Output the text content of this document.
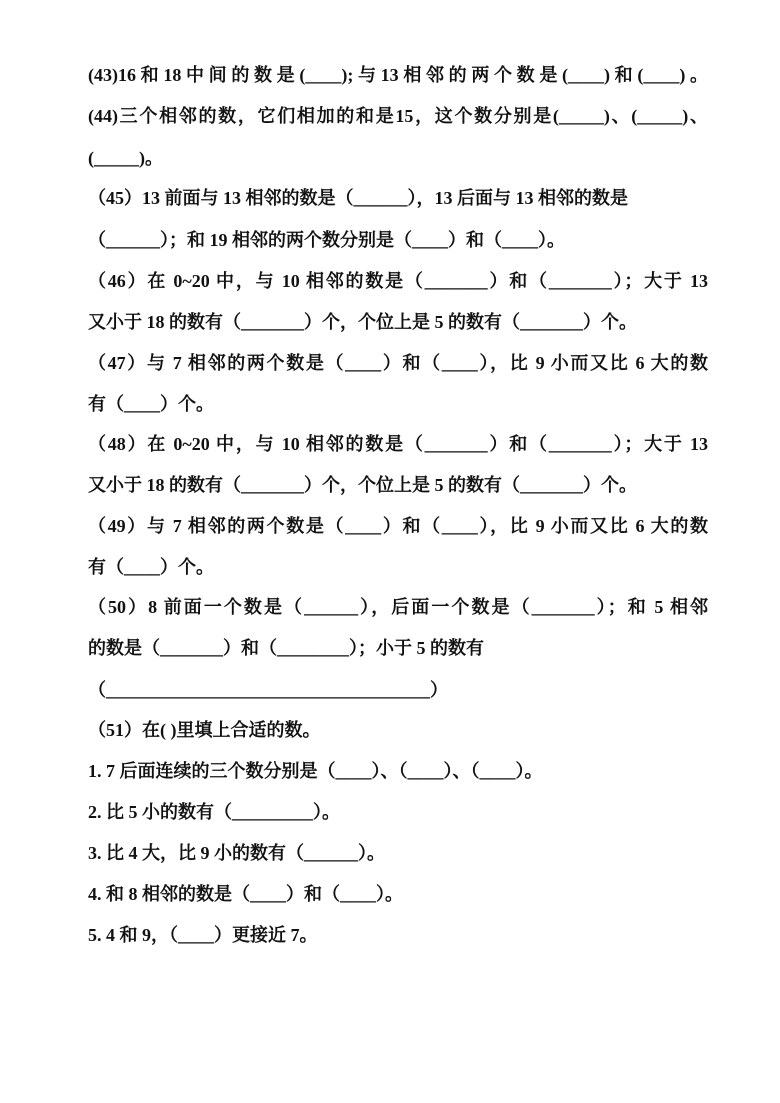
(43)16和18中间的数是(____);与13相邻的两个数是(____)和(____)。
(44)三个相邻的数，它们相加的和是15，这个数分别是(_____)、(_____)、
(_____)。
（45）13 前面与 13 相邻的数是（______），13 后面与 13 相邻的数是
（______）；和 19 相邻的两个数分别是（____）和（____）。
（46）在 0~20 中，与 10 相邻的数是（_______）和（_______）；大于 13
又小于 18 的数有（_______）个，个位上是 5 的数有（_______）个。
（47）与 7 相邻的两个数是（____）和（____），比 9 小而又比 6 大的数
有（____）个。
（48）在 0~20 中，与 10 相邻的数是（_______）和（_______）；大于 13
又小于 18 的数有（_______）个，个位上是 5 的数有（_______）个。
（49）与 7 相邻的两个数是（____）和（____），比 9 小而又比 6 大的数
有（____）个。
（50）8 前面一个数是（______），后面一个数是（_______）；和 5 相邻
的数是（_______）和（________）；小于 5 的数有
（____________________________________）
（51）在( )里填上合适的数。
1. 7 后面连续的三个数分别是（____）、（____）、（____）。
2. 比 5 小的数有（_________）。
3. 比 4 大，比 9 小的数有（______）。
4. 和 8 相邻的数是（____）和（____）。
5. 4 和 9，（____）更接近 7。
